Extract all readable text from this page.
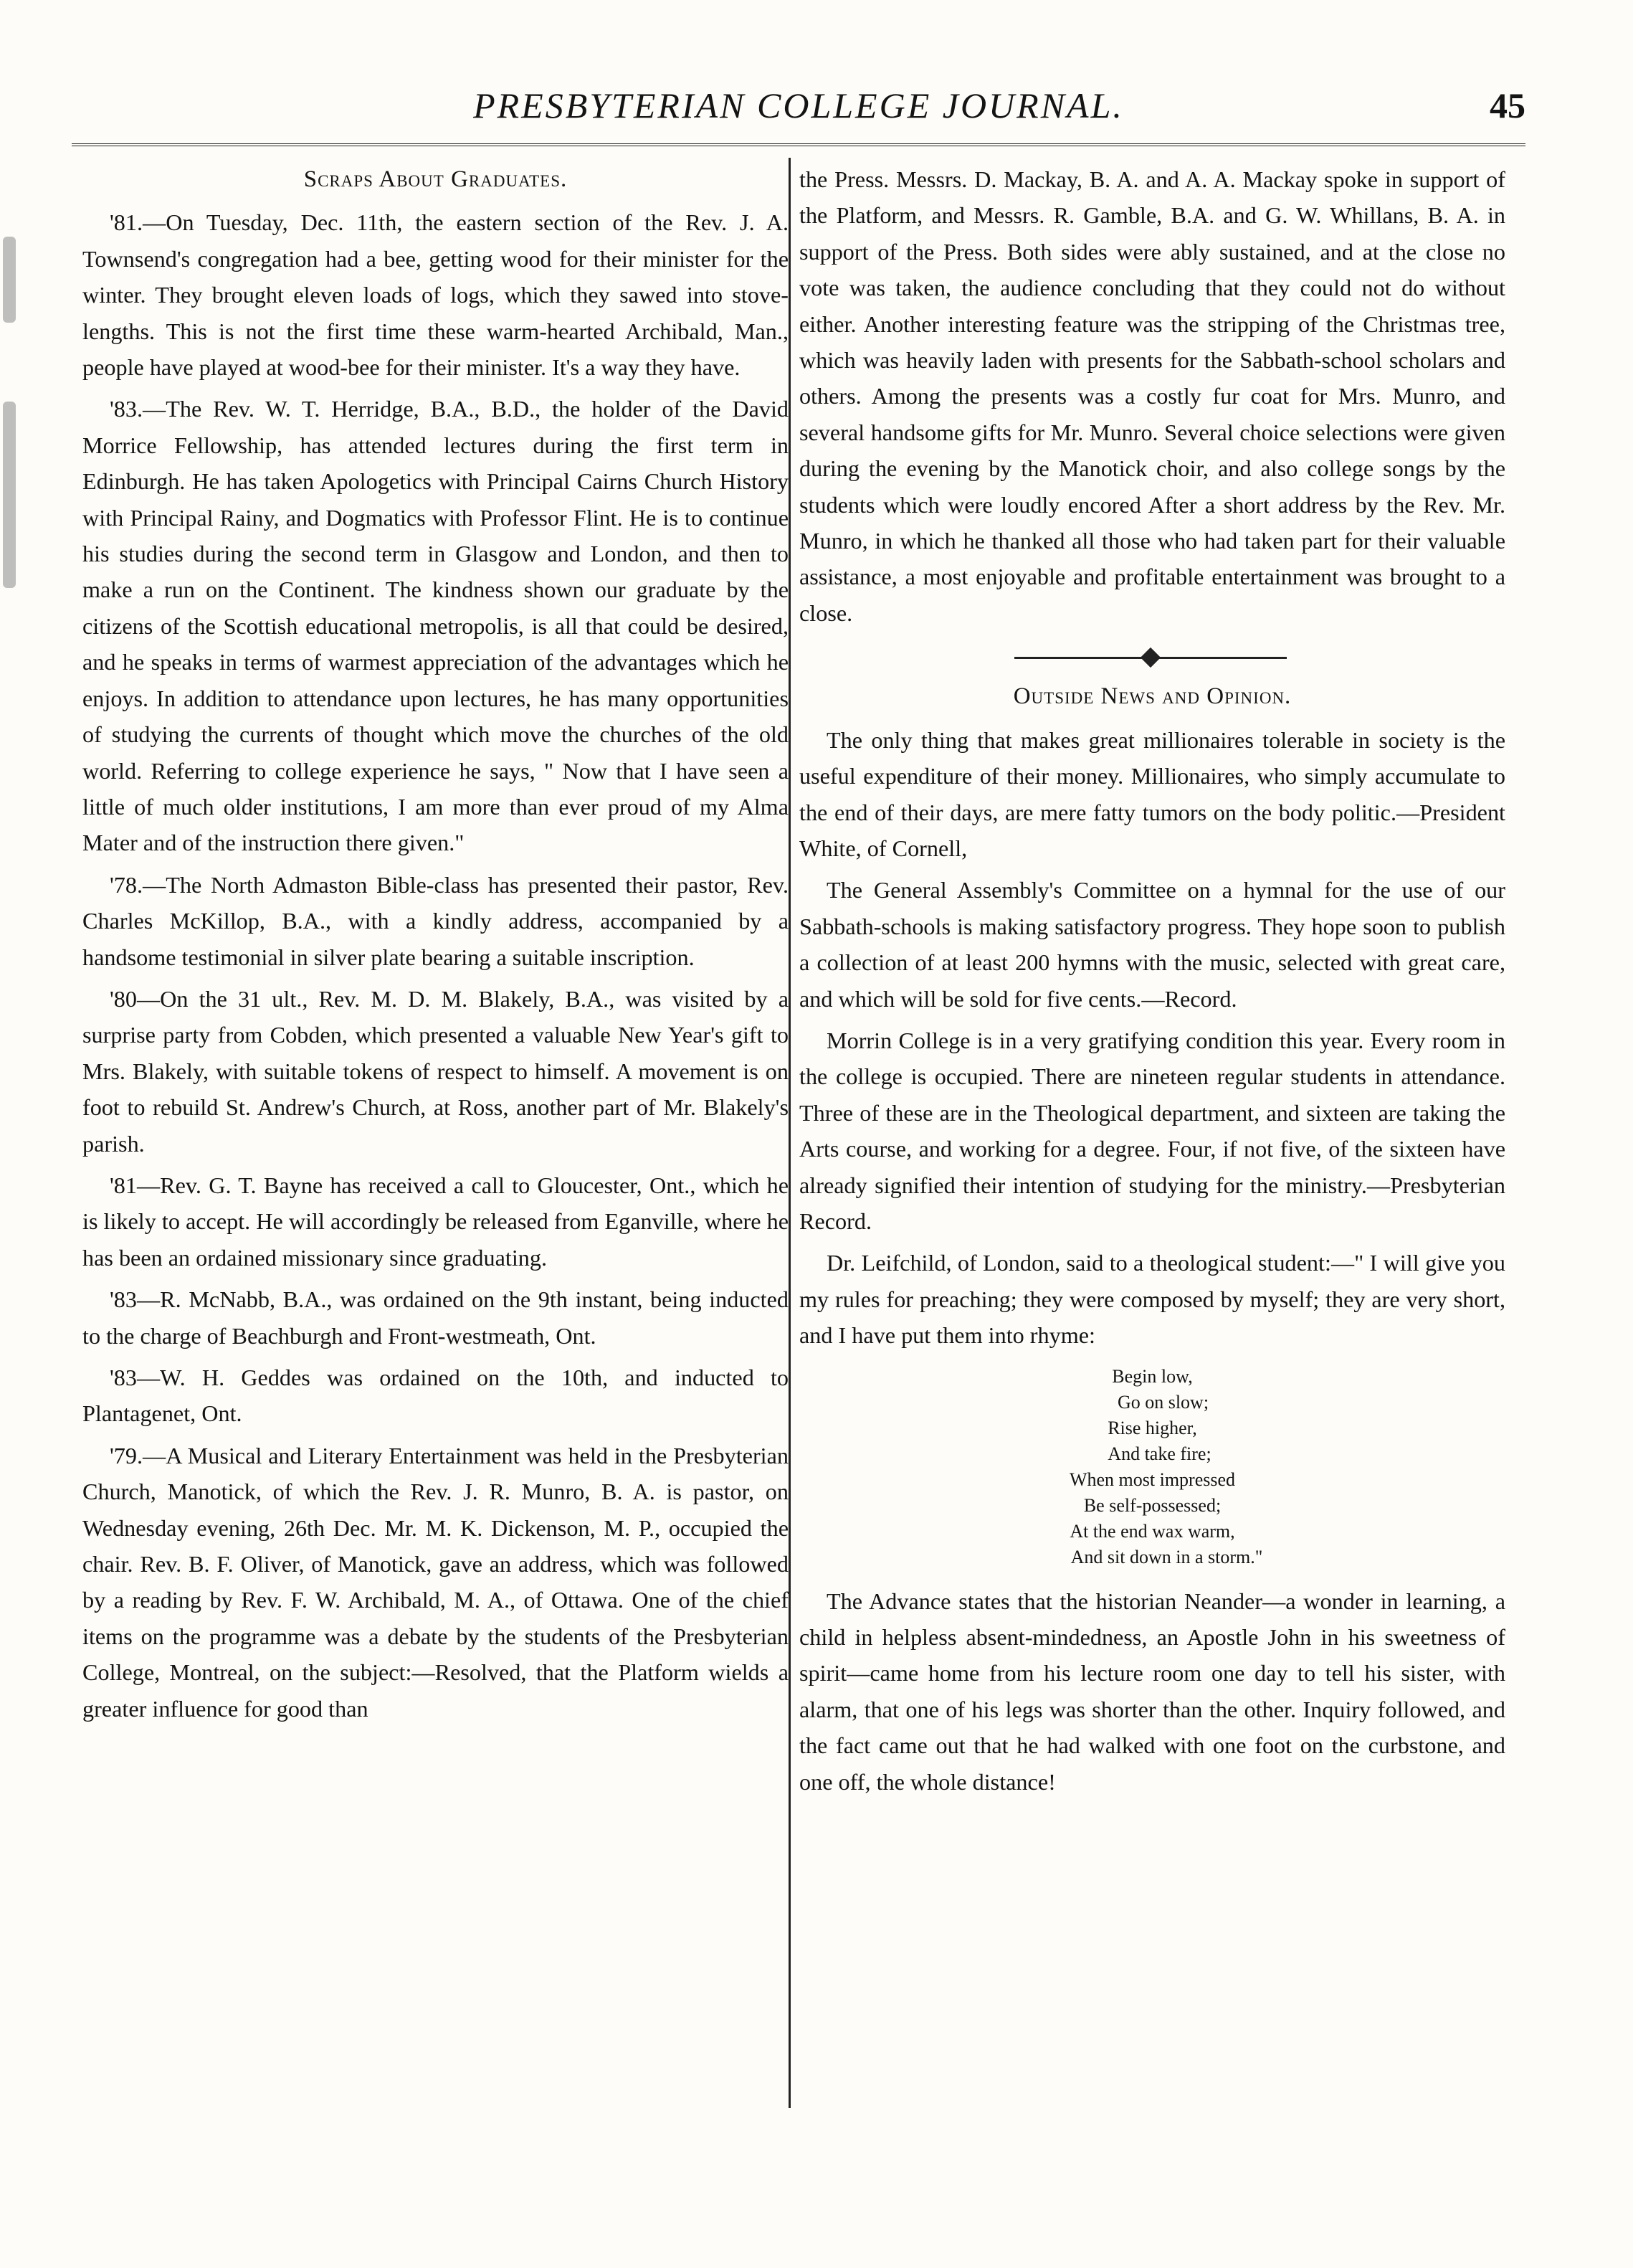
PRESBYTERIAN COLLEGE JOURNAL.	45
Scraps About Graduates.

'81.—On Tuesday, Dec. 11th, the eastern section of the Rev. J. A. Townsend's congregation had a bee, getting wood for their minister for the winter. They brought eleven loads of logs, which they sawed into stove-lengths. This is not the first time these warm-hearted Archibald, Man., people have played at wood-bee for their minister. It's a way they have.

'83.—The Rev. W. T. Herridge, B.A., B.D., the holder of the David Morrice Fellowship, has attended lectures during the first term in Edinburgh. He has taken Apologetics with Principal Cairns Church History with Principal Rainy, and Dogmatics with Professor Flint. He is to continue his studies during the second term in Glasgow and London, and then to make a run on the Continent. The kindness shown our graduate by the citizens of the Scottish educational metropolis, is all that could be desired, and he speaks in terms of warmest appreciation of the advantages which he enjoys. In addition to attendance upon lectures, he has many opportunities of studying the currents of thought which move the churches of the old world. Referring to college experience he says, " Now that I have seen a little of much older institutions, I am more than ever proud of my Alma Mater and of the instruction there given."

'78.—The North Admaston Bible-class has presented their pastor, Rev. Charles McKillop, B.A., with a kindly address, accompanied by a handsome testimonial in silver plate bearing a suitable inscription.

'80—On the 31 ult., Rev. M. D. M. Blakely, B.A., was visited by a surprise party from Cobden, which presented a valuable New Year's gift to Mrs. Blakely, with suitable tokens of respect to himself. A movement is on foot to rebuild St. Andrew's Church, at Ross, another part of Mr. Blakely's parish.

'81—Rev. G. T. Bayne has received a call to Gloucester, Ont., which he is likely to accept. He will accordingly be released from Eganville, where he has been an ordained missionary since graduating.

'83—R. McNabb, B.A., was ordained on the 9th instant, being inducted to the charge of Beachburgh and Front-westmeath, Ont.

'83—W. H. Geddes was ordained on the 10th, and inducted to Plantagenet, Ont.

'79.—A Musical and Literary Entertainment was held in the Presbyterian Church, Manotick, of which the Rev. J. R. Munro, B. A. is pastor, on Wednesday evening, 26th Dec. Mr. M. K. Dickenson, M. P., occupied the chair. Rev. B. F. Oliver, of Manotick, gave an address, which was followed by a reading by Rev. F. W. Archibald, M. A., of Ottawa. One of the chief items on the programme was a debate by the students of the Presbyterian College, Montreal, on the subject:—Resolved, that the Platform wields a greater influence for good than

the Press. Messrs. D. Mackay, B. A. and A. A. Mackay spoke in support of the Platform, and Messrs. R. Gamble, B.A. and G. W. Whillans, B. A. in support of the Press. Both sides were ably sustained, and at the close no vote was taken, the audience concluding that they could not do without either. Another interesting feature was the stripping of the Christmas tree, which was heavily laden with presents for the Sabbath-school scholars and others. Among the presents was a costly fur coat for Mrs. Munro, and several handsome gifts for Mr. Munro. Several choice selections were given during the evening by the Manotick choir, and also college songs by the students which were loudly encored After a short address by the Rev. Mr. Munro, in which he thanked all those who had taken part for their valuable assistance, a most enjoyable and profitable entertainment was brought to a close.

Outside News and Opinion.

The only thing that makes great millionaires tolerable in society is the useful expenditure of their money. Millionaires, who simply accumulate to the end of their days, are mere fatty tumors on the body politic.—President White, of Cornell,

The General Assembly's Committee on a hymnal for the use of our Sabbath-schools is making satisfactory progress. They hope soon to publish a collection of at least 200 hymns with the music, selected with great care, and which will be sold for five cents.—Record.

Morrin College is in a very gratifying condition this year. Every room in the college is occupied. There are nineteen regular students in attendance. Three of these are in the Theological department, and sixteen are taking the Arts course, and working for a degree. Four, if not five, of the sixteen have already signified their intention of studying for the ministry.—Presbyterian Record.

Dr. Leifchild, of London, said to a theological student:—" I will give you my rules for preaching; they were composed by myself; they are very short, and I have put them into rhyme:

Begin low,
Go on slow;
Rise higher,
And take fire;
When most impressed
Be self-possessed;
At the end wax warm,
And sit down in a storm."

The Advance states that the historian Neander—a wonder in learning, a child in helpless absent-mindedness, an Apostle John in his sweetness of spirit—came home from his lecture room one day to tell his sister, with alarm, that one of his legs was shorter than the other. Inquiry followed, and the fact came out that he had walked with one foot on the curbstone, and one off, the whole distance!
